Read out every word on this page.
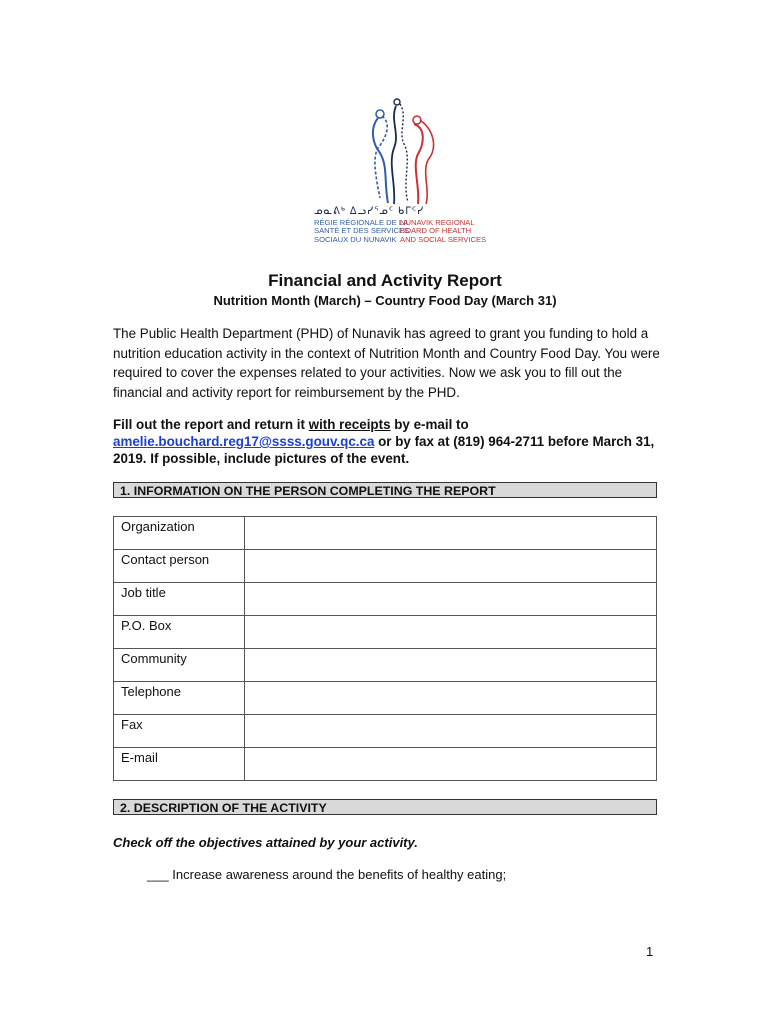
ᓄᓇᕕᒃ ᐃᓗᓯᕐᓄᑦ ᑲᒥᑦᓯ
RÉGIE RÉGIONALE DE LA
NUNAVIK REGIONAL
SANTÉ ET DES SERVICES
BOARD OF HEALTH
SOCIAUX DU NUNAVIK AND SOCIAL SERVICES
Financial and Activity Report
Nutrition Month (March) – Country Food Day (March 31)
The Public Health Department (PHD) of Nunavik has agreed to grant you funding to hold a nutrition education activity in the context of Nutrition Month and Country Food Day. You were required to cover the expenses related to your activities. Now we ask you to fill out the financial and activity report for reimbursement by the PHD.
Fill out the report and return it with receipts by e-mail to amelie.bouchard.reg17@ssss.gouv.qc.ca or by fax at (819) 964-2711 before March 31, 2019. If possible, include pictures of the event.
1. INFORMATION ON THE PERSON COMPLETING THE REPORT
Organization	
Contact person	
Job title	
P.O. Box	
Community	
Telephone	
Fax	
E-mail	
2. DESCRIPTION OF THE ACTIVITY
Check off the objectives attained by your activity.
___ Increase awareness around the benefits of healthy eating;
1
